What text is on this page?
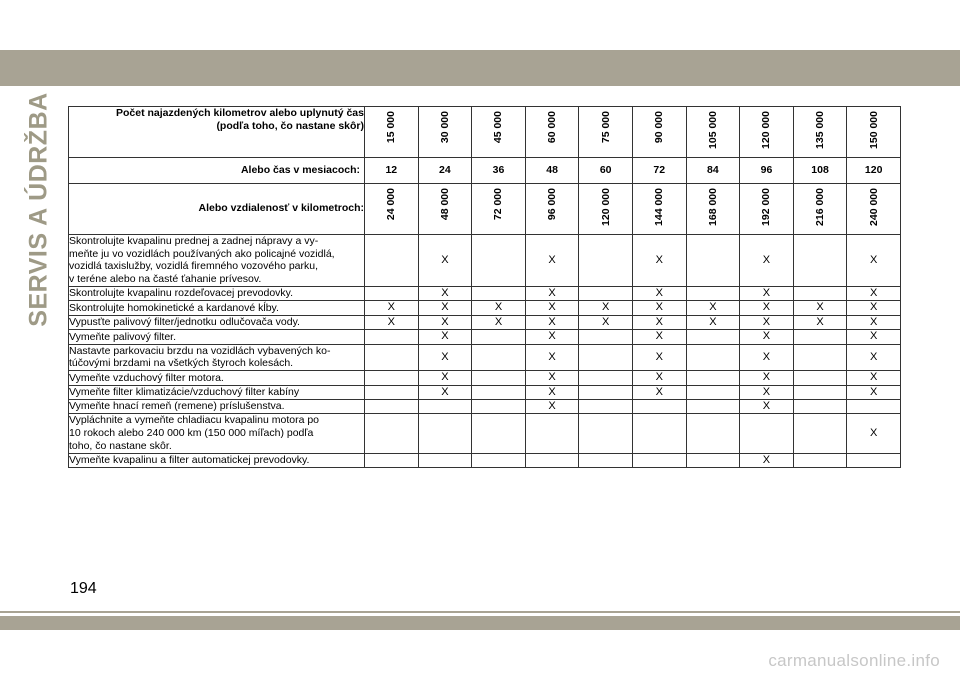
SERVIS A ÚDRŽBA	Počet najazdených kilometrov alebo uplynutý čas
(podľa toho, čo nastane skôr)	15 000	30 000	45 000	60 000	75 000	90 000	105 000	120 000	135 000	150 000

Alebo čas v mesiacoch:	12	24	36	48	60	72	84	96	108	120
Alebo vzdialenosť v kilometroch:	24 000	48 000	72 000	96 000	120 000	144 000	168 000	192 000	216 000	240 000

Skontrolujte kvapalinu prednej a zadnej nápravy a vy-
meňte ju vo vozidlách používaných ako policajné vozidlá,
vozidlá taxislužby, vozidlá firemného vozového parku,
v teréne alebo na časté ťahanie prívesov.		X		X		X		X		X

Skontrolujte kvapalinu rozdeľovacej prevodovky.		X		X		X		X		X

Skontrolujte homokinetické a kardanové kĺby.	X	X	X	X	X	X	X	X	X	X

Vypusťte palivový filter/jednotku odlučovača vody.	X	X	X	X	X	X	X	X	X	X

Vymeňte palivový filter.		X		X		X		X		X

Nastavte parkovaciu brzdu na vozidlách vybavených ko-
túčovými brzdami na všetkých štyroch kolesách.		X		X		X		X		X

Vymeňte vzduchový filter motora.		X		X		X		X		X

Vymeňte filter klimatizácie/vzduchový filter kabíny		X		X		X		X		X

Vymeňte hnací remeň (remene) príslušenstva.				X				X		

Vypláchnite a vymeňte chladiacu kvapalinu motora po
10 rokoch alebo 240 000 km (150 000 míľach) podľa
toho, čo nastane skôr.										X

Vymeňte kvapalinu a filter automatickej prevodovky.								X		
194
carmanualsonline.info
